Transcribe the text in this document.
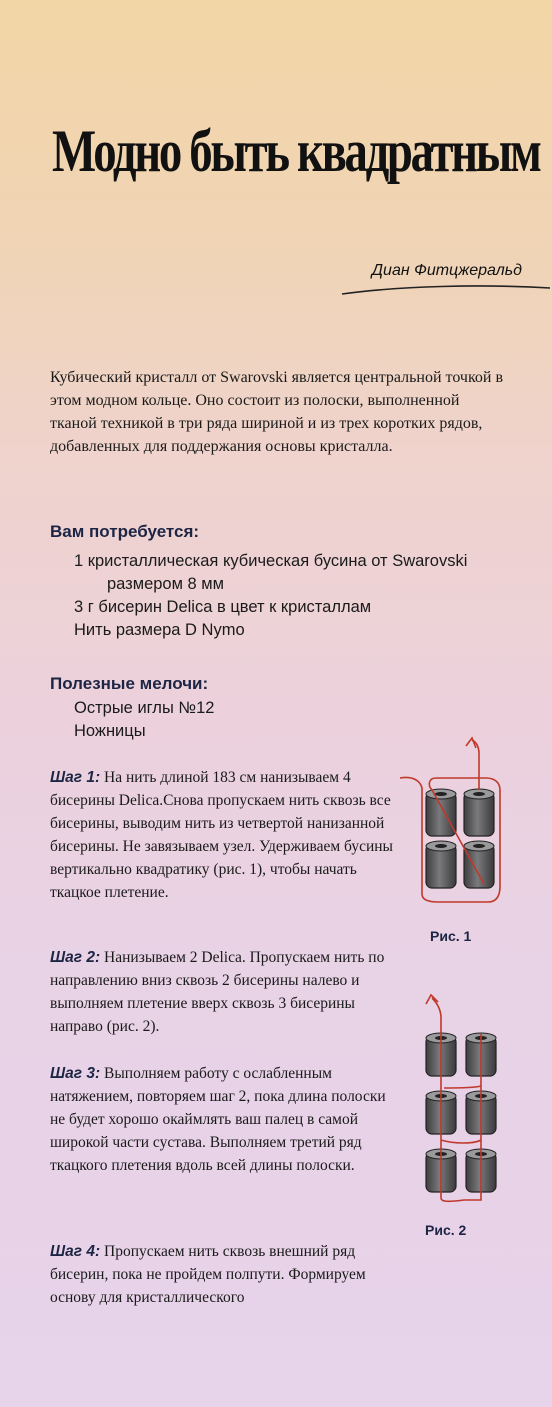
Модно быть квадратным
Диан Фитцжеральд
Кубический кристалл от Swarovski является центральной точкой в этом модном кольце. Оно состоит из полоски, выполненной тканой техникой в три ряда шириной и из трех коротких рядов, добавленных для поддержания основы кристалла.
Вам потребуется:
1 кристаллическая кубическая бусина от Swarovski
размером 8 мм
3 г бисерин Delica в цвет к кристаллам
Нить размера D Nymo
Полезные мелочи:
Острые иглы №12
Ножницы
Шаг 1: На нить длиной 183 см нанизываем 4 бисерины Delica.Снова пропускаем нить сквозь все бисерины, выводим нить из четвертой нанизанной бисерины. Не завязываем узел. Удерживаем бусины вертикально квадратику (рис. 1), чтобы начать ткацкое плетение.
Шаг 2: Нанизываем 2 Delica. Пропускаем нить по направлению вниз сквозь 2 бисерины налево и выполняем плетение вверх сквозь 3 бисерины направо (рис. 2).
Шаг 3: Выполняем работу с ослабленным натяжением, повторяем шаг 2, пока длина полоски не будет хорошо окаймлять ваш палец в самой широкой части сустава. Выполняем третий ряд ткацкого плетения вдоль всей длины полоски.
Шаг 4: Пропускаем нить сквозь внешний ряд бисерин, пока не пройдем полпути. Формируем основу для кристаллического
Рис. 1
Рис. 2
